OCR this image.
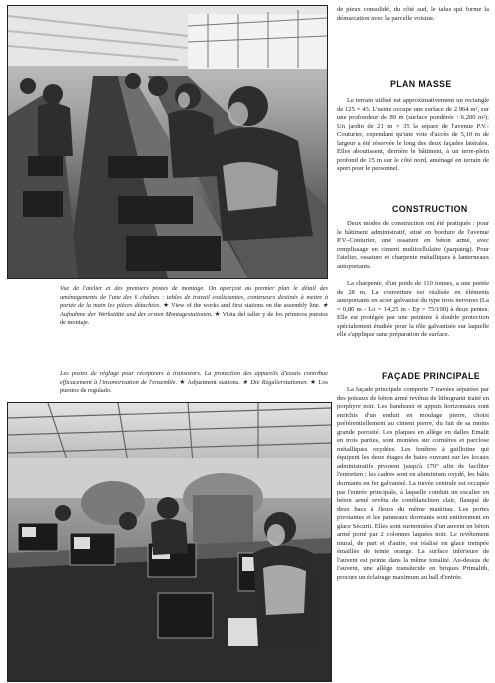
Vue de l'atelier et des premiers postes de montage. On aperçoit au premier plan le détail des aménagements de l'une des 6 chaînes : tables de travail coulissantes, conteneurs destinés à mettre à portée de la main les pièces détachées. ★ View of the works and first stations on the assembly line. ★ Aufnahme der Werkstätte und der ersten Montagestationen. ★ Vista del taller y de los primeros puestos de montaje.
Les postes de réglage pour récepteurs à transistors. La protection des appareils d'essais contribue efficacement à l'insonorisation de l'ensemble. ★ Adjustment stations. ★ Die Regulierstationen. ★ Los puestos de regulado.

de pieux consolidé, du côté sud, le talus qui forme la démarcation avec la parcelle voisine.

PLAN MASSE

Le terrain utilisé est approximativement un rectangle de 125 × 43. L'usine occupe une surface de 2.964 m², sur une profondeur de 89 m (surface pondérée : 6.200 m²). Un jardin de 21 m × 35 la sépare de l'avenue P.V.-Couturier, cependant qu'une voie d'accès de 5,10 m de largeur a été réservée le long des deux façades latérales. Elles aboutissent, derrière le bâtiment, à un terre-plein profond de 15 m sur le côté nord, aménagé en terrain de sport pour le personnel.

CONSTRUCTION

Deux modes de construction ont été pratiqués : pour le bâtiment administratif, situé en bordure de l'avenue P.V.-Couturier, une ossature en béton armé, avec remplissage en ciment multicellulaire (parpaing). Pour l'atelier, ossature et charpente métalliques à lanterneaux autoportants.

La charpente, d'un poids de 110 tonnes, a une portée de 28 m. La couverture est réalisée en éléments autoportants en acier galvanisé du type trois nervures (La = 0,80 m - Lo = 14,25 m - Ep = 75/100) à deux pentes. Elle est protégée par une peinture à double protection spécialement étudiée pour la tôle galvanisée sur laquelle elle s'applique sans préparation de surface.

FAÇADE PRINCIPALE

La façade principale comporte 7 travées séparées par des poteaux de béton armé revêtus de lithogranit traité en porphyre noir. Les bandeaux et appuis horizontaux sont enrichis d'un enduit en moulage pierre, choisi préférentiellement au ciment pierre, du fait de sa moins grande porosité. Les plaques en allège en dalles Emalit en trois parties, sont montées sur cornières et parclose métalliques oxydées. Les fenêtres à guillotine qui équipent les deux étages de baies ouvrant sur les locaux administratifs pivotent jusqu'à 170° afin de faciliter l'entretien ; les cadres sont en aluminium oxydé, les bâtis dormants en fer galvanisé. La travée centrale est occupée par l'entrée principale, à laquelle conduit un escalier en béton armé revêtu de comblanchien clair, flanqué de deux bacs à fleurs du même matériau. Les portes pivotantes et les panneaux dormants sont entièrement en glace Sécurit. Elles sont surmontées d'un auvent en béton armé porté par 2 colonnes laquées noir. Le revêtement mural, de part et d'autre, est réalisé en glace trempée émaillée de teinte orange. La surface inférieure de l'auvent est peinte dans la même tonalité. Au-dessus de l'auvent, une allège translucide en briques Primalith, procure un éclairage maximum au hall d'entrée.
